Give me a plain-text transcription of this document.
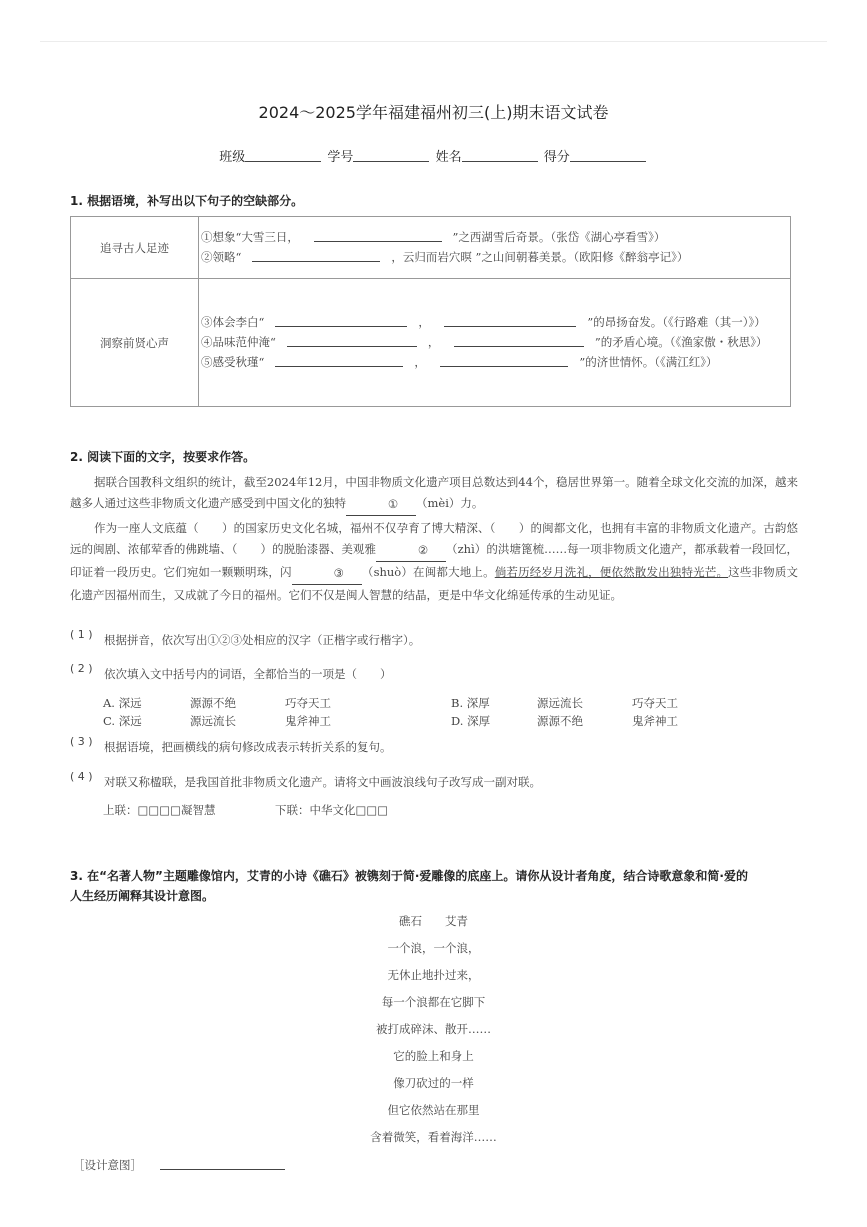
2024～2025学年福建福州初三(上)期末语文试卷
班级	学号	姓名	得分
1. 根据语境，补写出以下句子的空缺部分。
追寻古人足迹	①想象“大雪三日， ”之西湖雪后奇景。（张岱《湖心亭看雪》）
②领略“ ，云归而岩穴暝 ”之山间朝暮美景。（欧阳修《醉翁亭记》）

洞察前贤心声	③体会李白“ ， ”的昂扬奋发。（《行路难（其一）》）
④品味范仲淹“ ， ”的矛盾心境。（《渔家傲・秋思》）
⑤感受秋瑾“ ， ”的济世情怀。（《满江红》）
2. 阅读下面的文字，按要求作答。
据联合国教科文组织的统计，截至2024年12月，中国非物质文化遗产项目总数达到44个，稳居世界第一。随着全球文化交流的加深，越来越多人通过这些非物质文化遗产感受到中国文化的独特	① （mèi）力。
作为一座人文底蕴（　　）的国家历史文化名城，福州不仅孕育了博大精深、（　　）的闽都文化，也拥有丰富的非物质文化遗产。古韵悠远的闽剧、浓郁荤香的佛跳墙、（　　）的脱胎漆器、美观雅	② （zhì）的洪塘篦梳……每一项非物质文化遗产，都承载着一段回忆，印证着一段历史。它们宛如一颗颗明珠，闪	③ （shuò）在闽都大地上。倘若历经岁月洗礼，便依然散发出独特光芒。这些非物质文化遗产因福州而生，又成就了今日的福州。它们不仅是闽人智慧的结晶，更是中华文化绵延传承的生动见证。
( 1 ) 根据拼音，依次写出①②③处相应的汉字（正楷字或行楷字）。
( 2 ) 依次填入文中括号内的词语，全都恰当的一项是（　　）
A. 深远	源源不绝	巧夺天工	B. 深厚	源远流长	巧夺天工
C. 深远	源远流长	鬼斧神工	D. 深厚	源源不绝	鬼斧神工
( 3 ) 根据语境，把画横线的病句修改成表示转折关系的复句。
( 4 ) 对联又称楹联，是我国首批非物质文化遗产。请将文中画波浪线句子改写成一副对联。
上联：□□□□凝智慧	下联：中华文化□□□
3. 在“名著人物”主题雕像馆内，艾青的小诗《礁石》被镌刻于简·爱雕像的底座上。请你从设计者角度，结合诗歌意象和简·爱的
人生经历阐释其设计意图。
礁石　　艾青
一个浪，一个浪，
无休止地扑过来，
每一个浪都在它脚下
被打成碎沫、散开……
它的脸上和身上
像刀砍过的一样
但它依然站在那里
含着微笑，看着海洋……
［设计意图］
